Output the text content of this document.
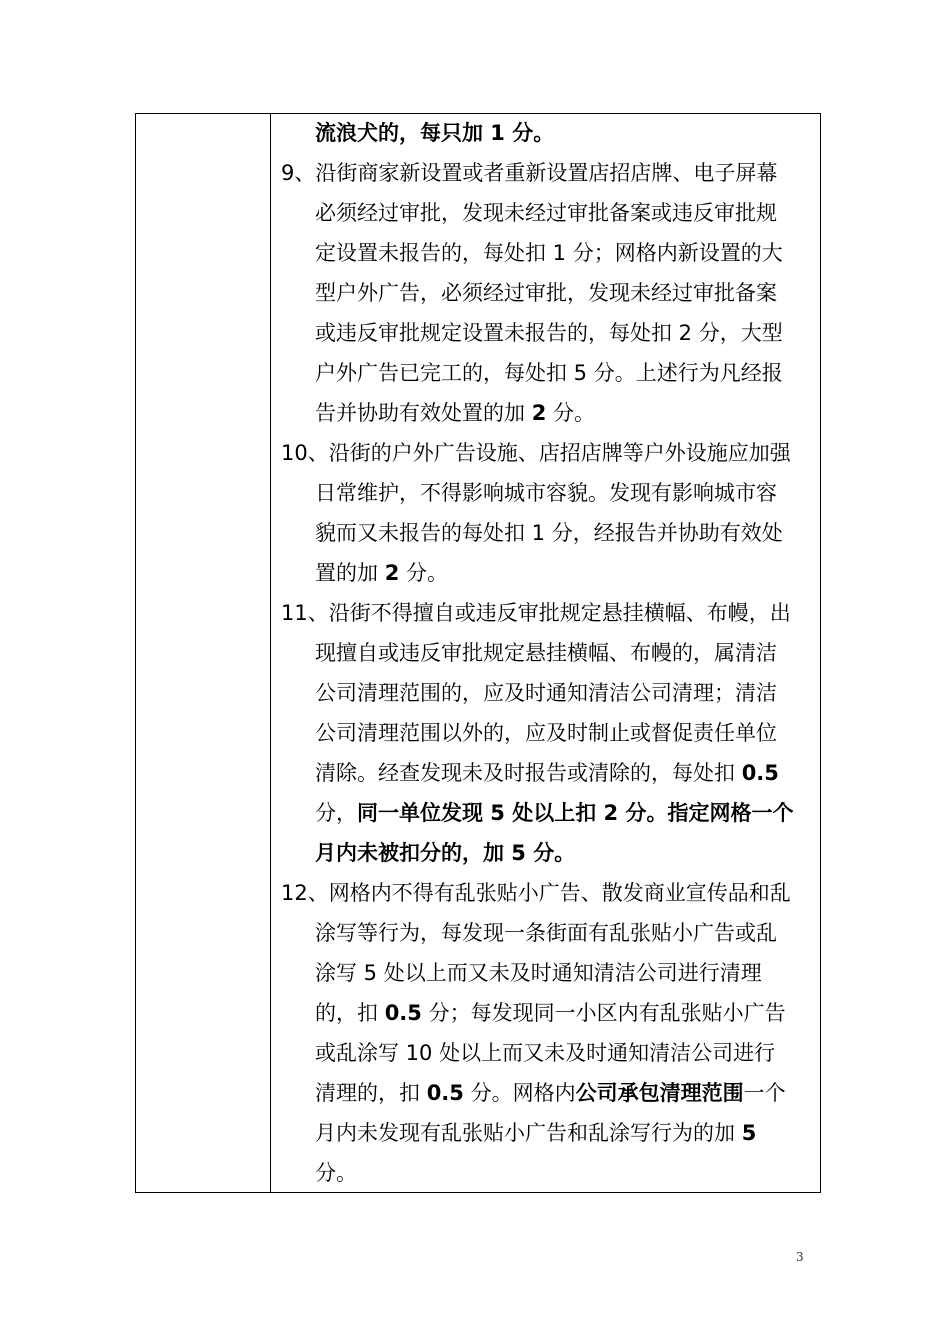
流浪犬的，每只加 1 分。
9、沿街商家新设置或者重新设置店招店牌、电子屏幕
必须经过审批，发现未经过审批备案或违反审批规
定设置未报告的，每处扣 1 分；网格内新设置的大
型户外广告，必须经过审批，发现未经过审批备案
或违反审批规定设置未报告的，每处扣 2 分，大型
户外广告已完工的，每处扣 5 分。上述行为凡经报
告并协助有效处置的加 2 分。
10、沿街的户外广告设施、店招店牌等户外设施应加强
日常维护，不得影响城市容貌。发现有影响城市容
貌而又未报告的每处扣 1 分，经报告并协助有效处
置的加 2 分。
11、沿街不得擅自或违反审批规定悬挂横幅、布幔，出
现擅自或违反审批规定悬挂横幅、布幔的，属清洁
公司清理范围的，应及时通知清洁公司清理；清洁
公司清理范围以外的，应及时制止或督促责任单位
清除。经查发现未及时报告或清除的，每处扣 0.5
分，同一单位发现 5 处以上扣 2 分。指定网格一个
月内未被扣分的，加 5 分。
12、网格内不得有乱张贴小广告、散发商业宣传品和乱
涂写等行为，每发现一条街面有乱张贴小广告或乱
涂写 5 处以上而又未及时通知清洁公司进行清理
的，扣 0.5 分；每发现同一小区内有乱张贴小广告
或乱涂写 10 处以上而又未及时通知清洁公司进行
清理的，扣 0.5 分。网格内公司承包清理范围一个
月内未发现有乱张贴小广告和乱涂写行为的加 5
分。
3
